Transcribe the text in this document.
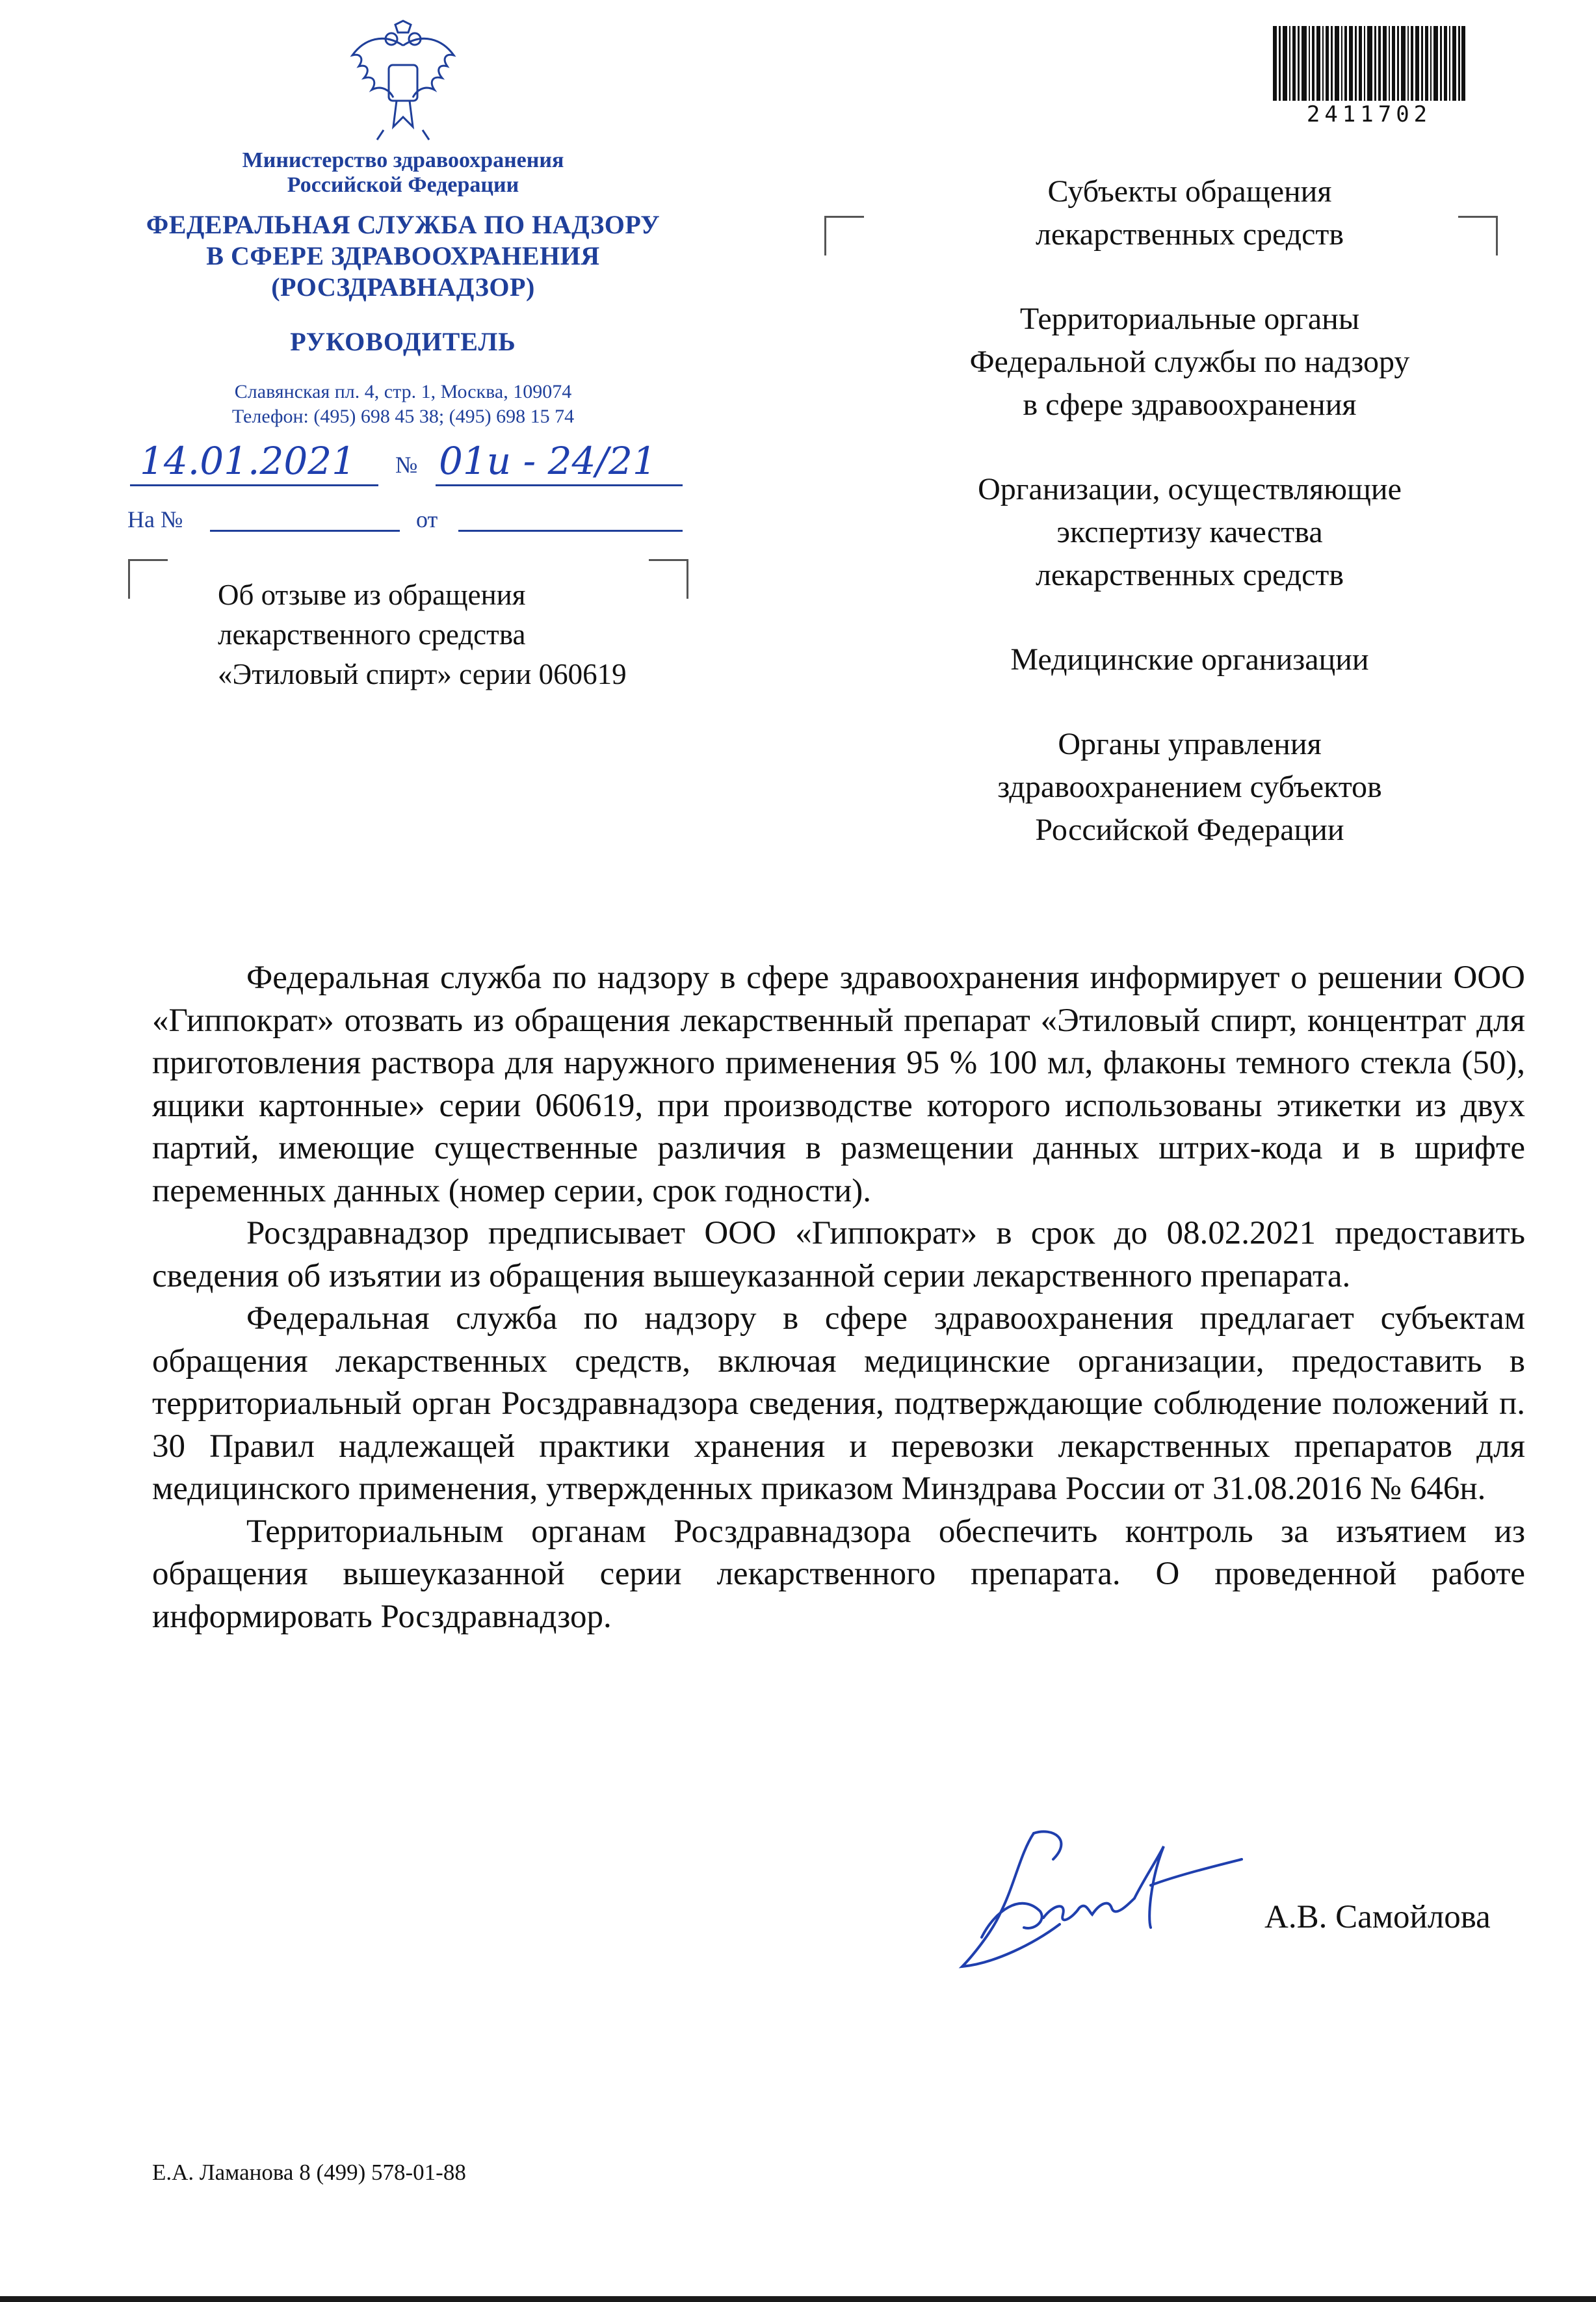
Министерство здравоохранения
Российской Федерации
ФЕДЕРАЛЬНАЯ СЛУЖБА ПО НАДЗОРУ
В СФЕРЕ ЗДРАВООХРАНЕНИЯ
(РОСЗДРАВНАДЗОР)
РУКОВОДИТЕЛЬ
Славянская пл. 4, стр. 1, Москва, 109074
Телефон: (495) 698 45 38; (495) 698 15 74
14.01.2021 № 01и - 24/21
На №	от
Об отзыве из обращения
лекарственного средства
«Этиловый спирт» серии 060619
2411702
Субъекты обращения
лекарственных средств
Территориальные органы
Федеральной службы по надзору
в сфере здравоохранения
Организации, осуществляющие
экспертизу качества
лекарственных средств
Медицинские организации
Органы управления
здравоохранением субъектов
Российской Федерации

Федеральная служба по надзору в сфере здравоохранения информирует о решении ООО «Гиппократ» отозвать из обращения лекарственный препарат «Этиловый спирт, концентрат для приготовления раствора для наружного применения 95 % 100 мл, флаконы темного стекла (50), ящики картонные» серии 060619, при производстве которого использованы этикетки из двух партий, имеющие существенные различия в размещении данных штрих-кода и в шрифте переменных данных (номер серии, срок годности).

Росздравнадзор предписывает ООО «Гиппократ» в срок до 08.02.2021 предоставить сведения об изъятии из обращения вышеуказанной серии лекарственного препарата.

Федеральная служба по надзору в сфере здравоохранения предлагает субъектам обращения лекарственных средств, включая медицинские организации, предоставить в территориальный орган Росздравнадзора сведения, подтверждающие соблюдение положений п. 30 Правил надлежащей практики хранения и перевозки лекарственных препаратов для медицинского применения, утвержденных приказом Минздрава России от 31.08.2016 № 646н.

Территориальным органам Росздравнадзора обеспечить контроль за изъятием из обращения вышеуказанной серии лекарственного препарата. О проведенной работе информировать Росздравнадзор.

А.В. Самойлова
Е.А. Ламанова 8 (499) 578-01-88
